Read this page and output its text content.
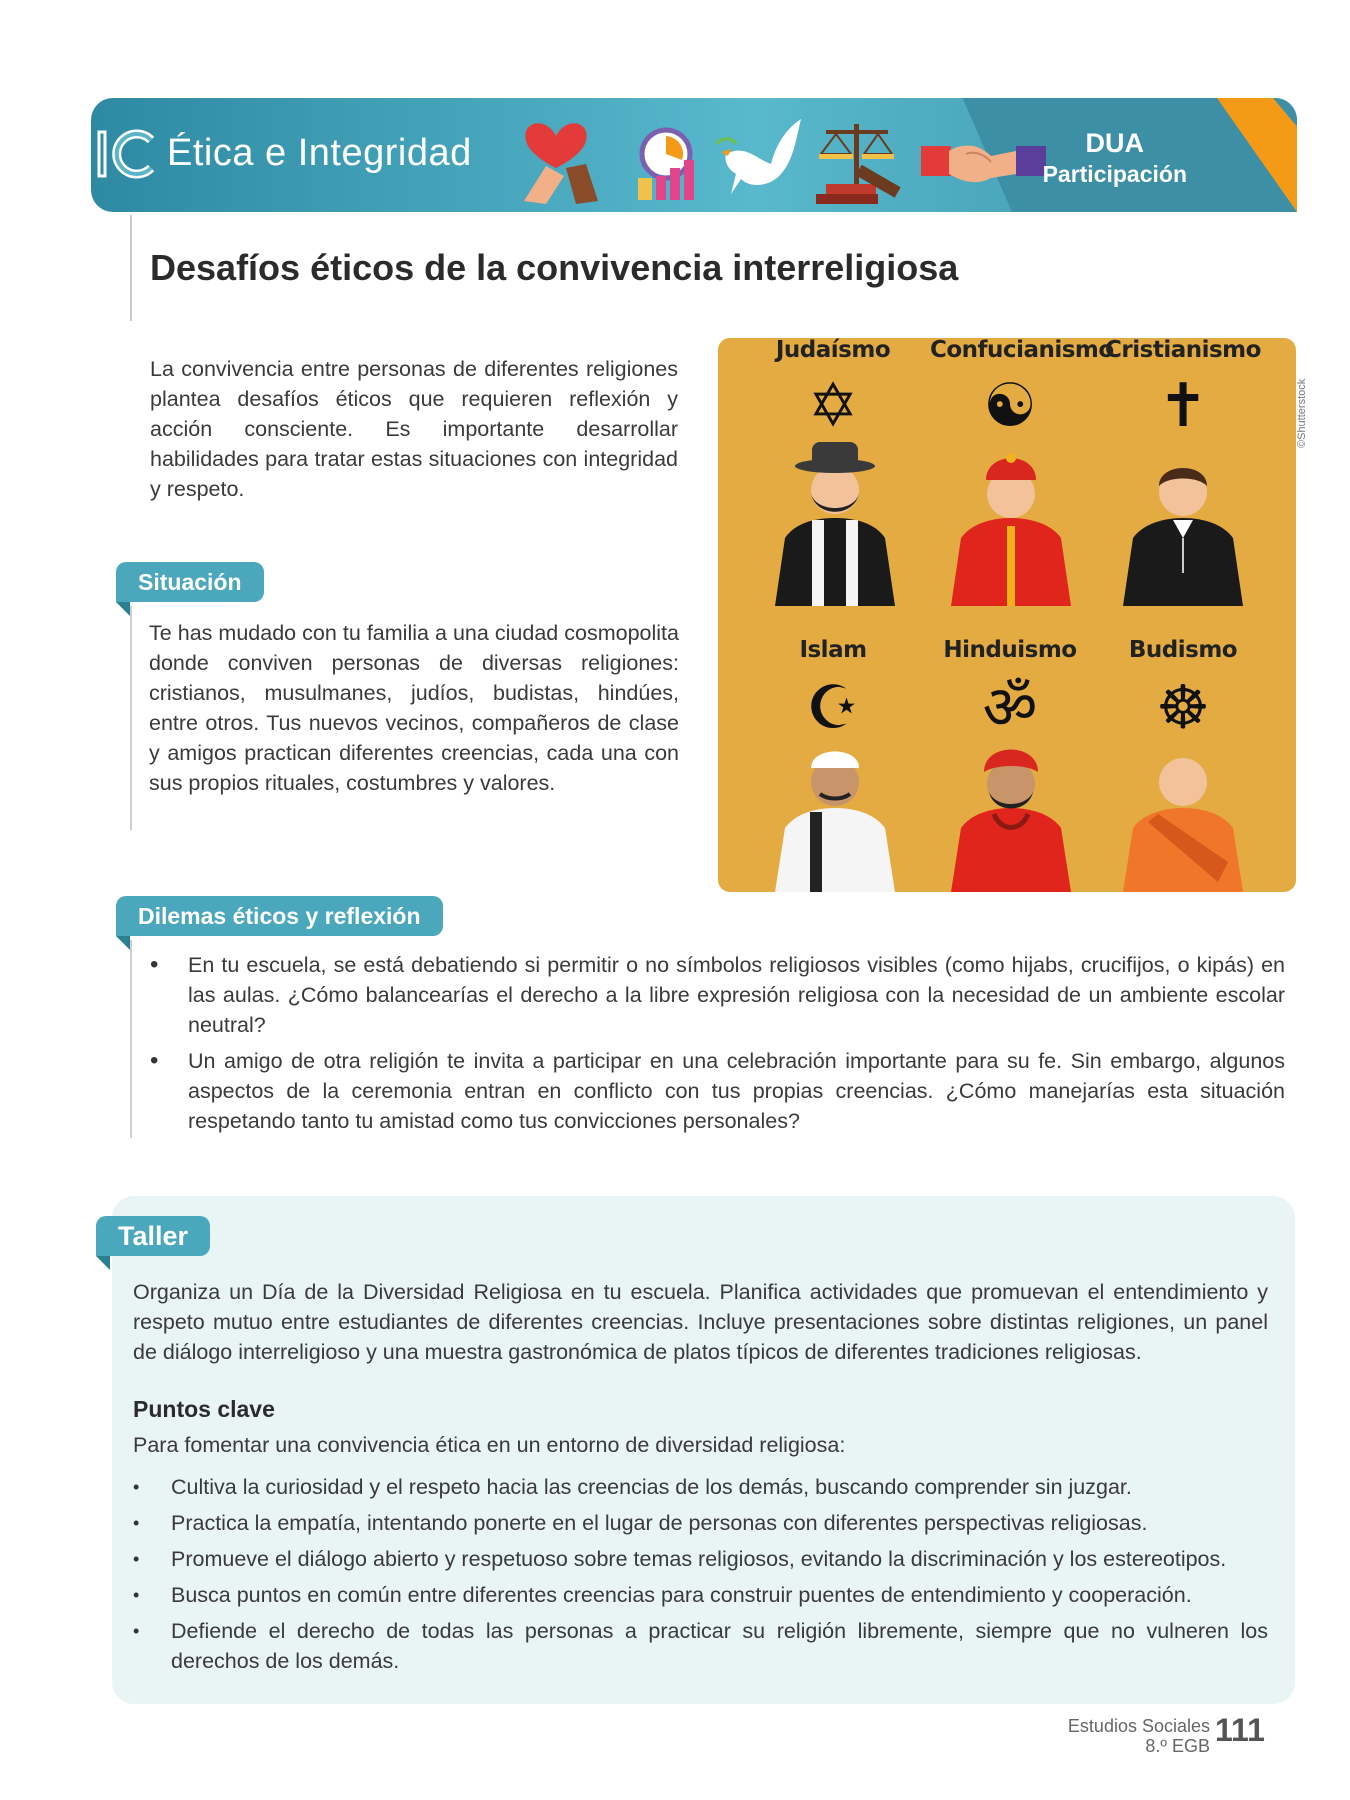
Ética e Integridad	DUA
Participación
Desafíos éticos de la convivencia interreligiosa

La convivencia entre personas de diferentes religiones plantea desafíos éticos que requieren reflexión y acción consciente. Es importante desarrollar habilidades para tratar estas situaciones con integridad y respeto.

Situación

Te has mudado con tu familia a una ciudad cosmopolita donde conviven personas de diversas religiones: cristianos, musulmanes, judíos, budistas, hindúes, entre otros. Tus nuevos vecinos, compañeros de clase y amigos practican diferentes creencias, cada una con sus propios rituales, costumbres y valores.

Judaísmo	Confucianismo
Cristianismo
✡ ☯ ✝
Islam	Hinduismo	Budismo
☪ ॐ ☸
©Shutterstock
Dilemas éticos y reflexión
• En tu escuela, se está debatiendo si permitir o no símbolos religiosos visibles (como hijabs, crucifijos, o kipás) en las aulas. ¿Cómo balancearías el derecho a la libre expresión religiosa con la necesidad de un ambiente escolar neutral?
• Un amigo de otra religión te invita a participar en una celebración importante para su fe. Sin embargo, algunos aspectos de la ceremonia entran en conflicto con tus propias creencias. ¿Cómo manejarías esta situación respetando tanto tu amistad como tus convicciones personales?
Taller

Organiza un Día de la Diversidad Religiosa en tu escuela. Planifica actividades que promuevan el entendimiento y respeto mutuo entre estudiantes de diferentes creencias. Incluye presentaciones sobre distintas religiones, un panel de diálogo interreligioso y una muestra gastronómica de platos típicos de diferentes tradiciones religiosas.

Puntos clave

Para fomentar una convivencia ética en un entorno de diversidad religiosa:

• Cultiva la curiosidad y el respeto hacia las creencias de los demás, buscando comprender sin juzgar.
• Practica la empatía, intentando ponerte en el lugar de personas con diferentes perspectivas religiosas.
• Promueve el diálogo abierto y respetuoso sobre temas religiosos, evitando la discriminación y los estereotipos.
• Busca puntos en común entre diferentes creencias para construir puentes de entendimiento y cooperación.
• Defiende el derecho de todas las personas a practicar su religión libremente, siempre que no vulneren los derechos de los demás.
Estudios Sociales
8.º EGB 111
